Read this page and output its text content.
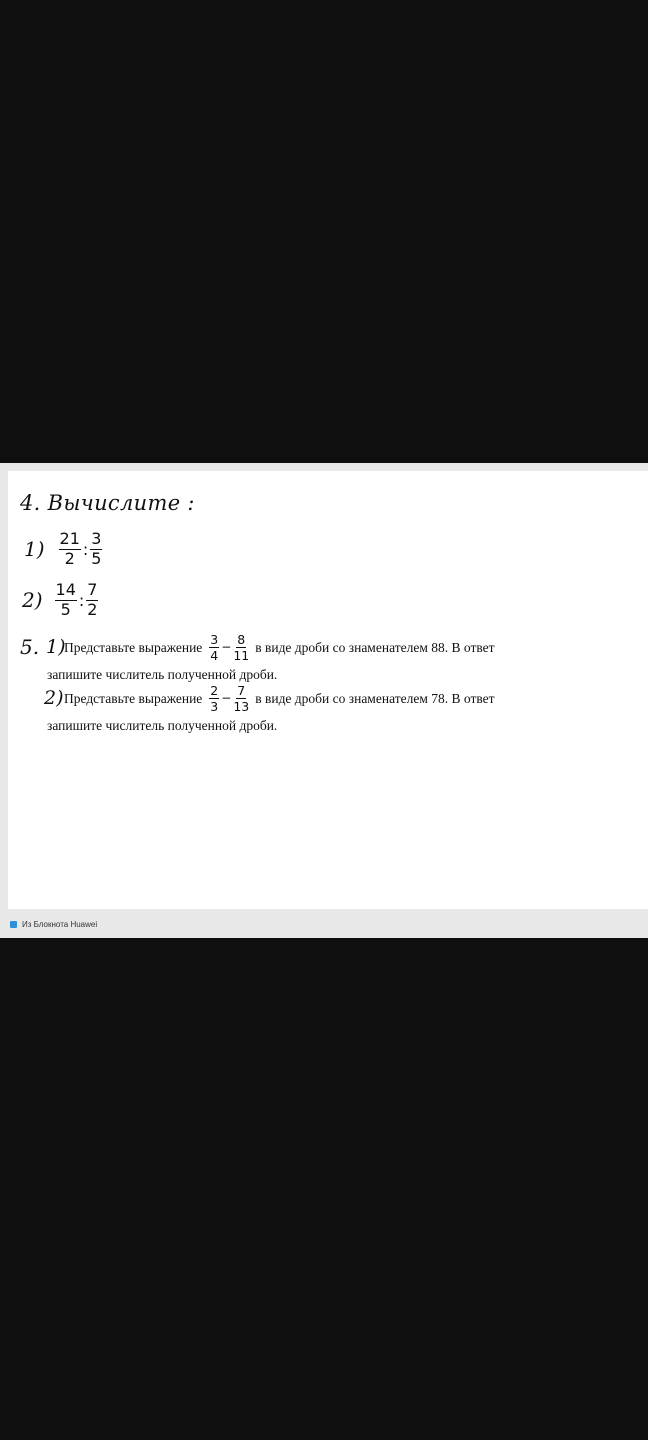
4. Вычислите :
$1) \frac{21}{2}$ : $\frac{3}{5}$
$2) \frac{14}{5}$ : $\frac{7}{2}$
5. 1)
Представьте выражение $\frac{3}{4} - \frac{8}{11}$ в виде дроби со знаменателем 88. В ответ
запишите числитель полученной дроби.
2) Представьте выражение $\frac{2}{3} - \frac{7}{13}$ в виде дроби со знаменателем 78. В ответ
запишите числитель полученной дроби.
Из Блокнота Huawei
